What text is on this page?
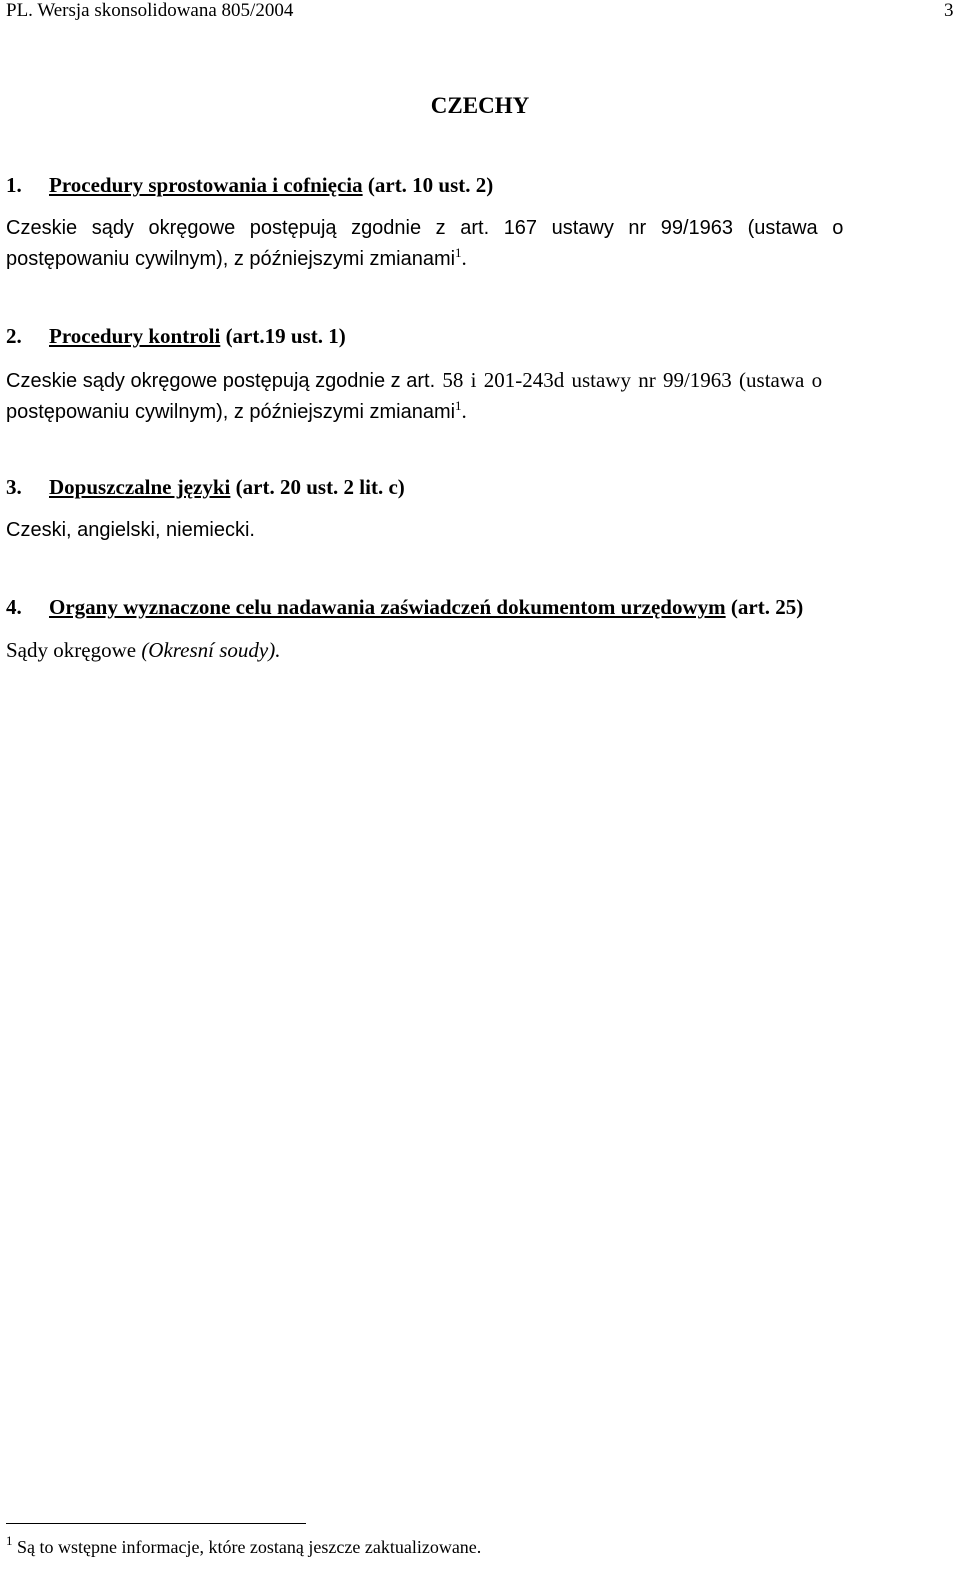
PL. Wersja skonsolidowana 805/2004	3
CZECHY
1. Procedury sprostowania i cofnięcia (art. 10 ust. 2)
Czeskie sądy okręgowe postępują zgodnie z art. 167 ustawy nr 99/1963 (ustawa o
postępowaniu cywilnym), z późniejszymi zmianami$^1$.
2. Procedury kontroli (art.19 ust. 1)
Czeskie sądy okręgowe postępują zgodnie z art. 58 i 201-243d ustawy nr 99/1963 (ustawa o
postępowaniu cywilnym), z późniejszymi zmianami$^1$.
3. Dopuszczalne języki (art. 20 ust. 2 lit. c)
Czeski, angielski, niemiecki.
4. Organy wyznaczone celu nadawania zaświadczeń dokumentom urzędowym (art. 25)
Sądy okręgowe (Okresní soudy).
$^1$ Są to wstępne informacje, które zostaną jeszcze zaktualizowane.
